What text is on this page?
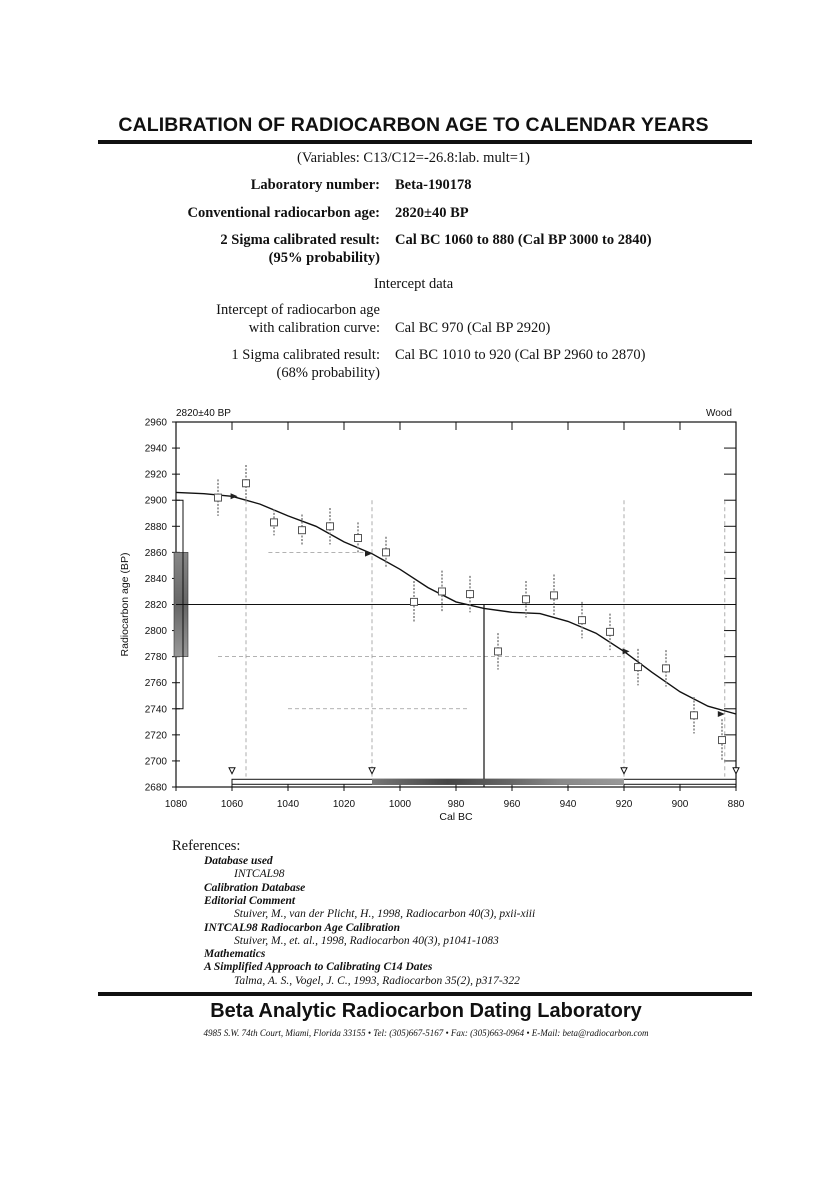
CALIBRATION OF RADIOCARBON AGE TO CALENDAR YEARS
(Variables: C13/C12=-26.8:lab. mult=1)
Laboratory number: Beta-190178
Conventional radiocarbon age: 2820±40 BP
2 Sigma calibrated result:
(95% probability)
Cal BC 1060 to 880 (Cal BP 3000 to 2840)
Intercept data
Intercept of radiocarbon age
with calibration curve: Cal BC 970 (Cal BP 2920)
1 Sigma calibrated result:
(68% probability)
Cal BC 1010 to 920 (Cal BP 2960 to 2870)
2960
2940
2920
2900
2880
2860
2840
2820
2800
2780
2760
2740
2720
2700
2680
1080	1060	1040	1020	1000	980	960	940	920	900	880
Cal BC
Radiocarbon age (BP)
2820±40 BP	Wood
References:
Database used
INTCAL98
Calibration Database
Editorial Comment
Stuiver, M., van der Plicht, H., 1998, Radiocarbon 40(3), pxii-xiii
INTCAL98 Radiocarbon Age Calibration
Stuiver, M., et. al., 1998, Radiocarbon 40(3), p1041-1083
Mathematics
A Simplified Approach to Calibrating C14 Dates
Talma, A. S., Vogel, J. C., 1993, Radiocarbon 35(2), p317-322
Beta Analytic Radiocarbon Dating Laboratory
4985 S.W. 74th Court, Miami, Florida 33155 • Tel: (305)667-5167 • Fax: (305)663-0964 • E-Mail: beta@radiocarbon.com
